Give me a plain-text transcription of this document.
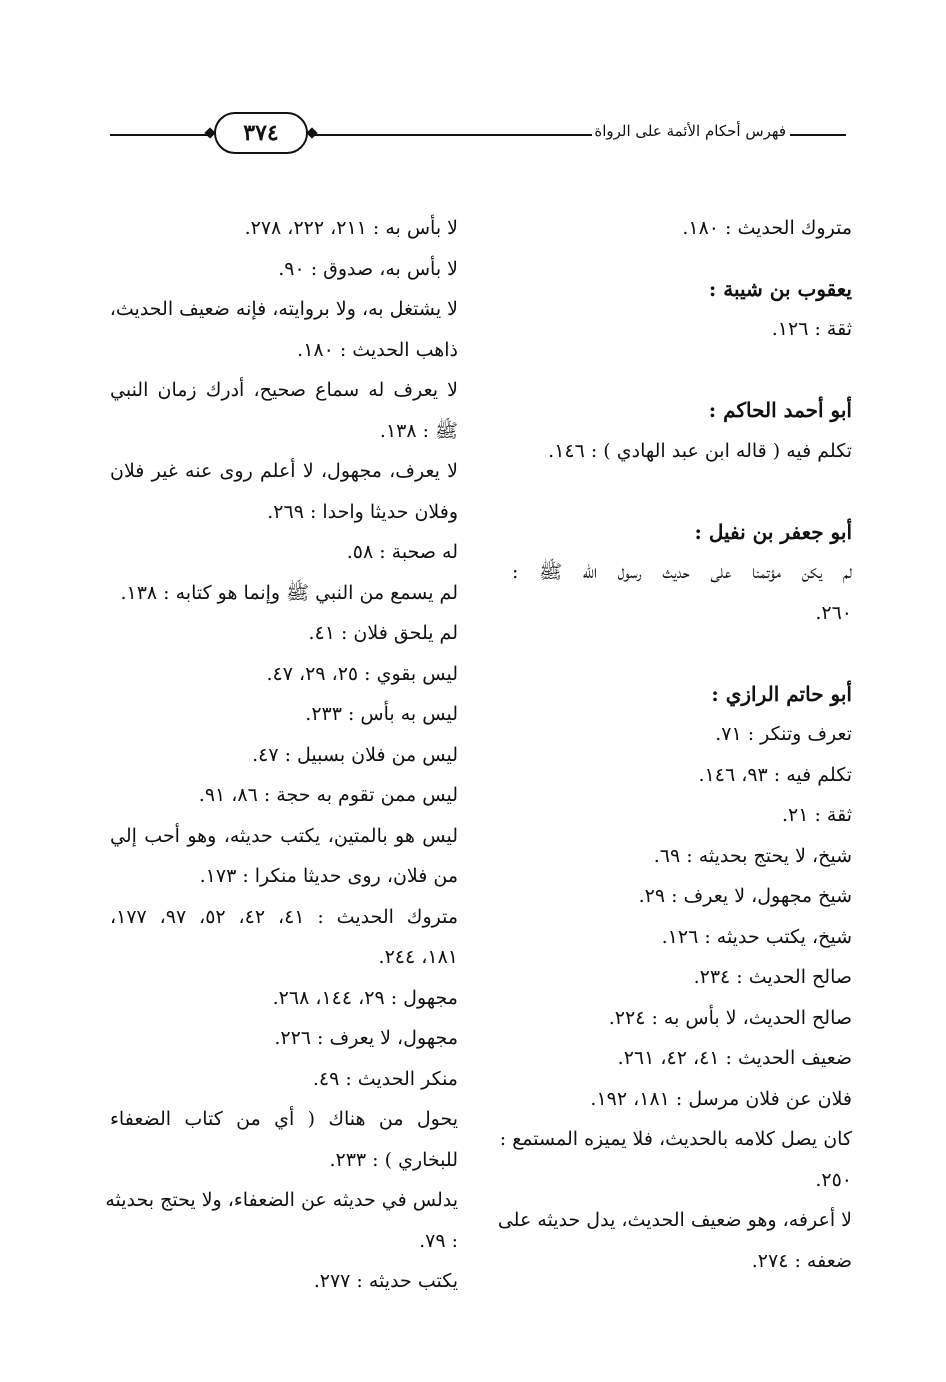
٣٧٤	فهرس أحكام الأئمة على الرواة
متروك الحديث : ١٨٠.
يعقوب بن شيبة :
ثقة : ١٢٦.
أبو أحمد الحاكم :
تكلم فيه ( قاله ابن عبد الهادي ) : ١٤٦.
أبو جعفر بن نفيل :
لم يكن مؤتمنا على حديث رسول الله ﷺ :
٢٦٠.
أبو حاتم الرازي :
تعرف وتنكر : ٧١.
تكلم فيه : ٩٣، ١٤٦.
ثقة : ٢١.
شيخ، لا يحتج بحديثه : ٦٩.
شيخ مجهول، لا يعرف : ٢٩.
شيخ، يكتب حديثه : ١٢٦.
صالح الحديث : ٢٣٤.
صالح الحديث، لا بأس به : ٢٢٤.
ضعيف الحديث : ٤١، ٤٢، ٢٦١.
فلان عن فلان مرسل : ١٨١، ١٩٢.
كان يصل كلامه بالحديث، فلا يميزه المستمع :
٢٥٠.
لا أعرفه، وهو ضعيف الحديث، يدل حديثه على
ضعفه : ٢٧٤.
لا بأس به : ٢١١، ٢٢٢، ٢٧٨.
لا بأس به، صدوق : ٩٠.
لا يشتغل به، ولا بروايته، فإنه ضعيف الحديث،
ذاهب الحديث : ١٨٠.
لا يعرف له سماع صحيح، أدرك زمان النبي
ﷺ : ١٣٨.
لا يعرف، مجهول، لا أعلم روى عنه غير فلان
وفلان حديثا واحدا : ٢٦٩.
له صحبة : ٥٨.
لم يسمع من النبي ﷺ وإنما هو كتابه : ١٣٨.
لم يلحق فلان : ٤١.
ليس بقوي : ٢٥، ٢٩، ٤٧.
ليس به بأس : ٢٣٣.
ليس من فلان بسبيل : ٤٧.
ليس ممن تقوم به حجة : ٨٦، ٩١.
ليس هو بالمتين، يكتب حديثه، وهو أحب إلي
من فلان، روى حديثا منكرا : ١٧٣.
متروك الحديث : ٤١، ٤٢، ٥٢، ٩٧، ١٧٧،
١٨١، ٢٤٤.
مجهول : ٢٩، ١٤٤، ٢٦٨.
مجهول، لا يعرف : ٢٢٦.
منكر الحديث : ٤٩.
يحول من هناك ( أي من كتاب الضعفاء
للبخاري ) : ٢٣٣.
يدلس في حديثه عن الضعفاء، ولا يحتج بحديثه
: ٧٩.
يكتب حديثه : ٢٧٧.
